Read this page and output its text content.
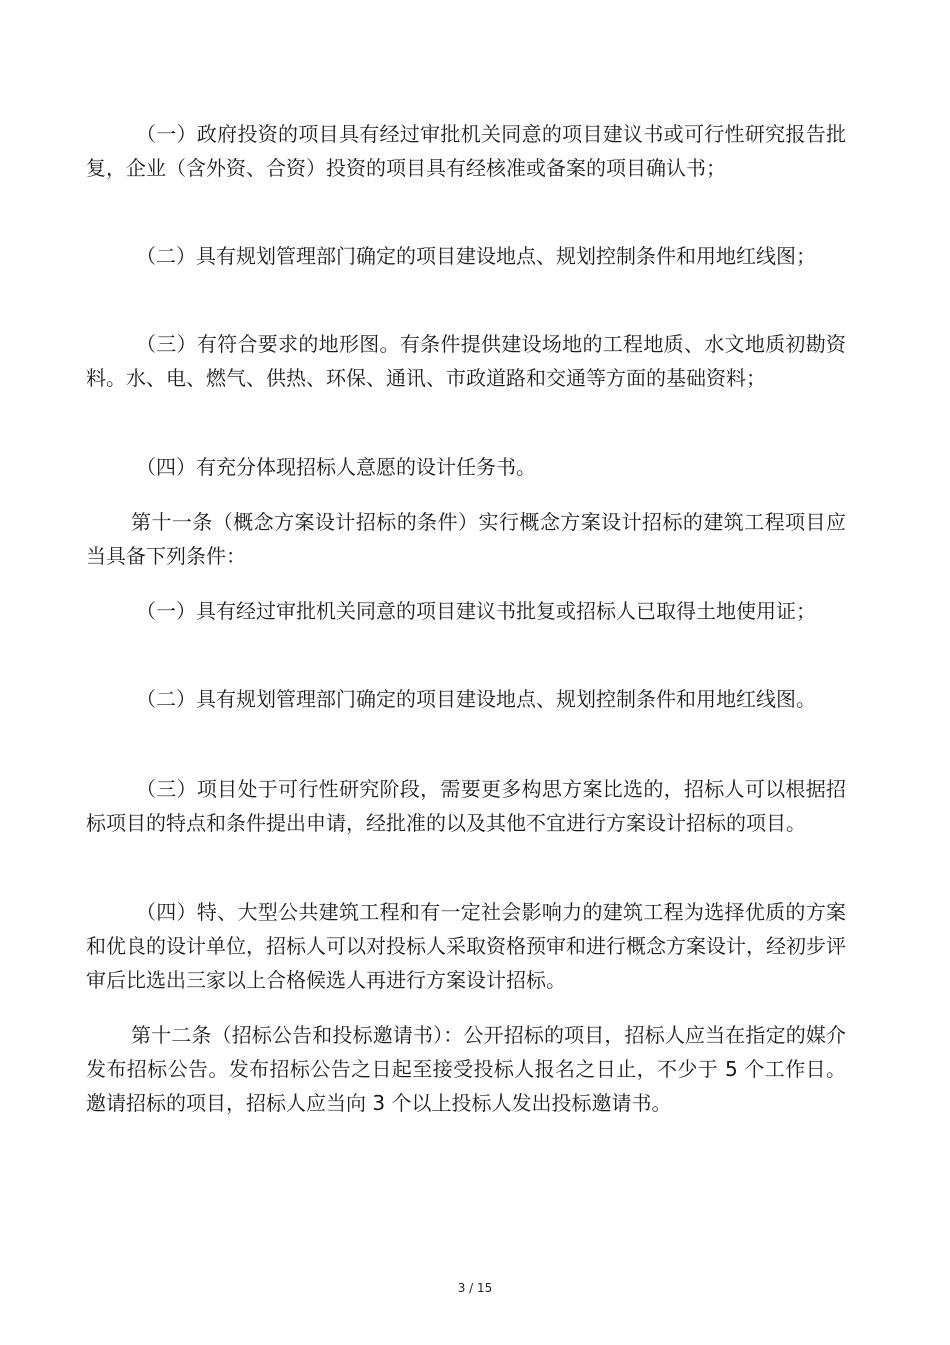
（一）政府投资的项目具有经过审批机关同意的项目建议书或可行性研究报告批复，企业（含外资、合资）投资的项目具有经核准或备案的项目确认书；

（二）具有规划管理部门确定的项目建设地点、规划控制条件和用地红线图；

（三）有符合要求的地形图。有条件提供建设场地的工程地质、水文地质初勘资料。水、电、燃气、供热、环保、通讯、市政道路和交通等方面的基础资料；

（四）有充分体现招标人意愿的设计任务书。

第十一条（概念方案设计招标的条件）实行概念方案设计招标的建筑工程项目应当具备下列条件：

（一）具有经过审批机关同意的项目建议书批复或招标人已取得土地使用证；

（二）具有规划管理部门确定的项目建设地点、规划控制条件和用地红线图。

（三）项目处于可行性研究阶段，需要更多构思方案比选的，招标人可以根据招标项目的特点和条件提出申请，经批准的以及其他不宜进行方案设计招标的项目。

（四）特、大型公共建筑工程和有一定社会影响力的建筑工程为选择优质的方案和优良的设计单位，招标人可以对投标人采取资格预审和进行概念方案设计，经初步评审后比选出三家以上合格候选人再进行方案设计招标。

第十二条（招标公告和投标邀请书）：公开招标的项目，招标人应当在指定的媒介发布招标公告。发布招标公告之日起至接受投标人报名之日止，不少于 5 个工作日。邀请招标的项目，招标人应当向 3 个以上投标人发出投标邀请书。

3 / 15
